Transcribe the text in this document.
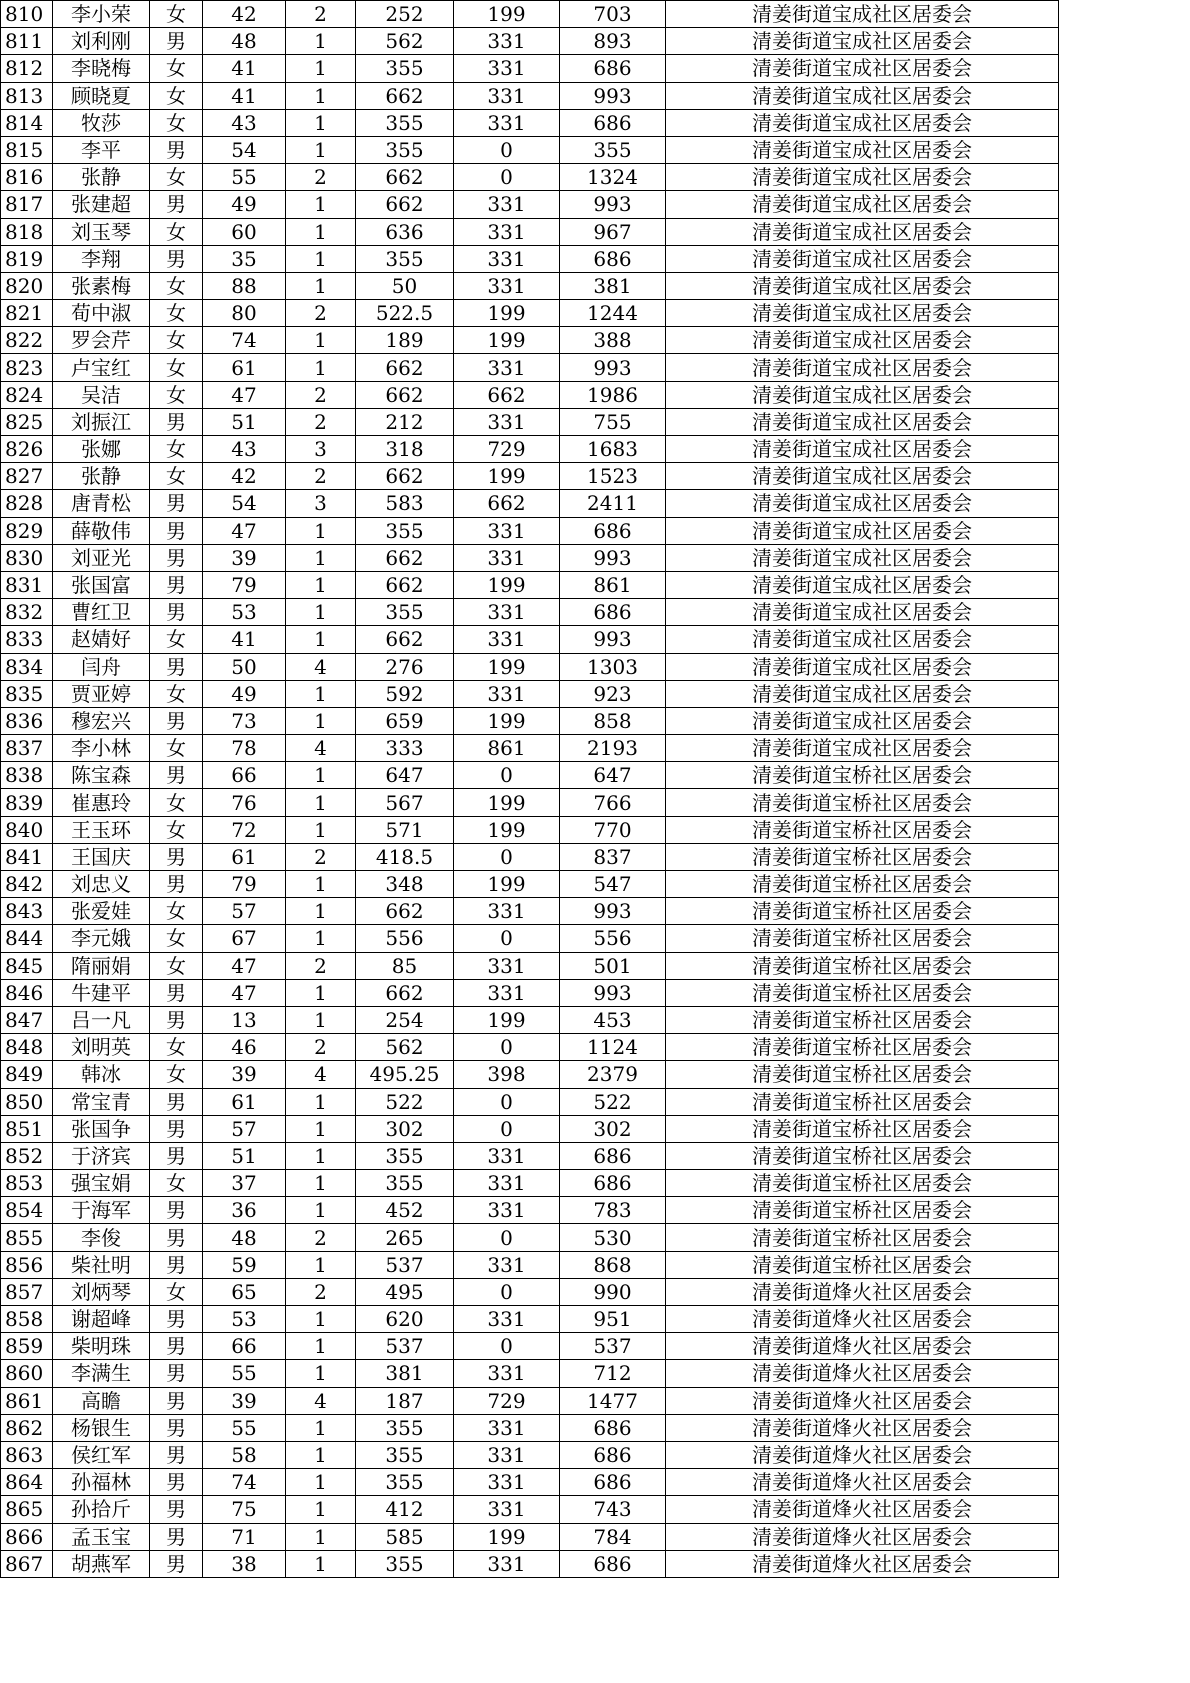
810	李小荣	女	42	2	252	199	703	清姜街道宝成社区居委会
811	刘利刚	男	48	1	562	331	893	清姜街道宝成社区居委会
812	李晓梅	女	41	1	355	331	686	清姜街道宝成社区居委会
813	顾晓夏	女	41	1	662	331	993	清姜街道宝成社区居委会
814	牧莎	女	43	1	355	331	686	清姜街道宝成社区居委会
815	李平	男	54	1	355	0	355	清姜街道宝成社区居委会
816	张静	女	55	2	662	0	1324	清姜街道宝成社区居委会
817	张建超	男	49	1	662	331	993	清姜街道宝成社区居委会
818	刘玉琴	女	60	1	636	331	967	清姜街道宝成社区居委会
819	李翔	男	35	1	355	331	686	清姜街道宝成社区居委会
820	张素梅	女	88	1	50	331	381	清姜街道宝成社区居委会
821	荀中淑	女	80	2	522.5	199	1244	清姜街道宝成社区居委会
822	罗会芹	女	74	1	189	199	388	清姜街道宝成社区居委会
823	卢宝红	女	61	1	662	331	993	清姜街道宝成社区居委会
824	吴洁	女	47	2	662	662	1986	清姜街道宝成社区居委会
825	刘振江	男	51	2	212	331	755	清姜街道宝成社区居委会
826	张娜	女	43	3	318	729	1683	清姜街道宝成社区居委会
827	张静	女	42	2	662	199	1523	清姜街道宝成社区居委会
828	唐青松	男	54	3	583	662	2411	清姜街道宝成社区居委会
829	薛敬伟	男	47	1	355	331	686	清姜街道宝成社区居委会
830	刘亚光	男	39	1	662	331	993	清姜街道宝成社区居委会
831	张国富	男	79	1	662	199	861	清姜街道宝成社区居委会
832	曹红卫	男	53	1	355	331	686	清姜街道宝成社区居委会
833	赵婧好	女	41	1	662	331	993	清姜街道宝成社区居委会
834	闫舟	男	50	4	276	199	1303	清姜街道宝成社区居委会
835	贾亚婷	女	49	1	592	331	923	清姜街道宝成社区居委会
836	穆宏兴	男	73	1	659	199	858	清姜街道宝成社区居委会
837	李小林	女	78	4	333	861	2193	清姜街道宝成社区居委会
838	陈宝森	男	66	1	647	0	647	清姜街道宝桥社区居委会
839	崔惠玲	女	76	1	567	199	766	清姜街道宝桥社区居委会
840	王玉环	女	72	1	571	199	770	清姜街道宝桥社区居委会
841	王国庆	男	61	2	418.5	0	837	清姜街道宝桥社区居委会
842	刘忠义	男	79	1	348	199	547	清姜街道宝桥社区居委会
843	张爱娃	女	57	1	662	331	993	清姜街道宝桥社区居委会
844	李元娥	女	67	1	556	0	556	清姜街道宝桥社区居委会
845	隋丽娟	女	47	2	85	331	501	清姜街道宝桥社区居委会
846	牛建平	男	47	1	662	331	993	清姜街道宝桥社区居委会
847	吕一凡	男	13	1	254	199	453	清姜街道宝桥社区居委会
848	刘明英	女	46	2	562	0	1124	清姜街道宝桥社区居委会
849	韩冰	女	39	4	495.25	398	2379	清姜街道宝桥社区居委会
850	常宝青	男	61	1	522	0	522	清姜街道宝桥社区居委会
851	张国争	男	57	1	302	0	302	清姜街道宝桥社区居委会
852	于济宾	男	51	1	355	331	686	清姜街道宝桥社区居委会
853	强宝娟	女	37	1	355	331	686	清姜街道宝桥社区居委会
854	于海军	男	36	1	452	331	783	清姜街道宝桥社区居委会
855	李俊	男	48	2	265	0	530	清姜街道宝桥社区居委会
856	柴社明	男	59	1	537	331	868	清姜街道宝桥社区居委会
857	刘炳琴	女	65	2	495	0	990	清姜街道烽火社区居委会
858	谢超峰	男	53	1	620	331	951	清姜街道烽火社区居委会
859	柴明珠	男	66	1	537	0	537	清姜街道烽火社区居委会
860	李满生	男	55	1	381	331	712	清姜街道烽火社区居委会
861	高瞻	男	39	4	187	729	1477	清姜街道烽火社区居委会
862	杨银生	男	55	1	355	331	686	清姜街道烽火社区居委会
863	侯红军	男	58	1	355	331	686	清姜街道烽火社区居委会
864	孙福林	男	74	1	355	331	686	清姜街道烽火社区居委会
865	孙拾斤	男	75	1	412	331	743	清姜街道烽火社区居委会
866	孟玉宝	男	71	1	585	199	784	清姜街道烽火社区居委会
867	胡燕军	男	38	1	355	331	686	清姜街道烽火社区居委会
